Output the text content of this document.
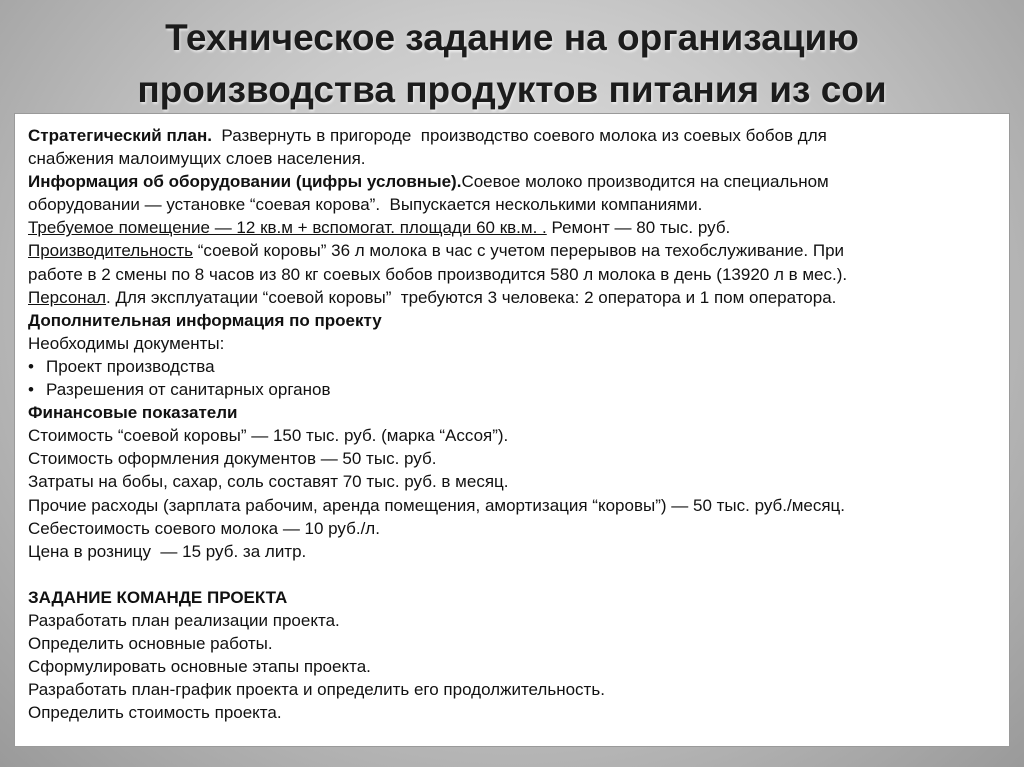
Техническое задание на организацию
производства продуктов питания из сои
Стратегический план.  Развернуть в пригороде  производство соевого молока из соевых бобов для
снабжения малоимущих слоев населения.
Информация об оборудовании (цифры условные).Соевое молоко производится на специальном
оборудовании — установке “соевая корова”.  Выпускается несколькими компаниями.
Требуемое помещение — 12 кв.м + вспомогат. площади 60 кв.м. . Ремонт — 80 тыс. руб.
Производительность “соевой коровы” 36 л молока в час с учетом перерывов на техобслуживание. При
работе в 2 смены по 8 часов из 80 кг соевых бобов производится 580 л молока в день (13920 л в мес.).
Персонал. Для эксплуатации “соевой коровы”  требуются 3 человека: 2 оператора и 1 пом оператора.
Дополнительная информация по проекту
Необходимы документы:
• Проект производства
• Разрешения от санитарных органов
Финансовые показатели
Стоимость “соевой коровы” — 150 тыс. руб. (марка “Ассоя”).
Стоимость оформления документов — 50 тыс. руб.
Затраты на бобы, сахар, соль составят 70 тыс. руб. в месяц.
Прочие расходы (зарплата рабочим, аренда помещения, амортизация “коровы”) — 50 тыс. руб./месяц.
Себестоимость соевого молока — 10 руб./л.
Цена в розницу  — 15 руб. за литр.
ЗАДАНИЕ КОМАНДЕ ПРОЕКТА
Разработать план реализации проекта.
Определить основные работы.
Сформулировать основные этапы проекта.
Разработать план-график проекта и определить его продолжительность.
Определить стоимость проекта.
